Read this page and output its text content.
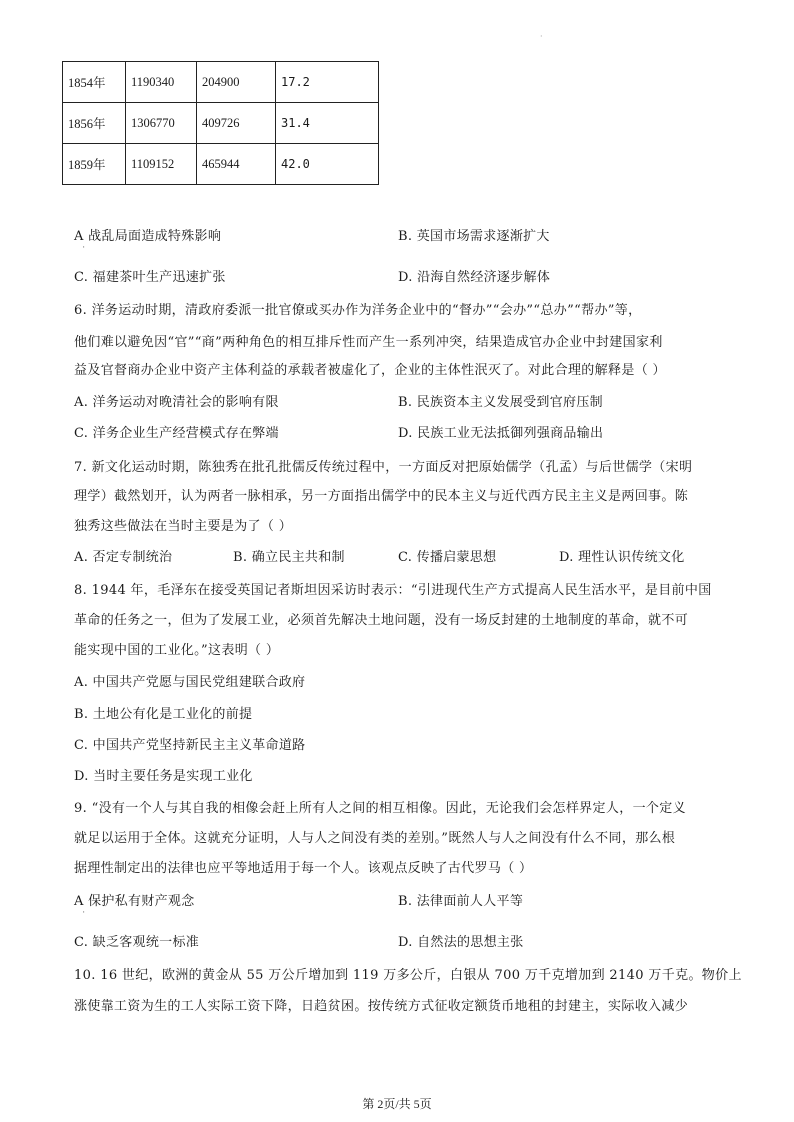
·
1854年	1190340	204900	17.2
1856年	1306770	409726	31.4
1859年	1109152	465944	42.0
A 战乱局面造成特殊影响	B. 英国市场需求逐渐扩大
'
C. 福建茶叶生产迅速扩张	D. 沿海自然经济逐步解体
6. 洋务运动时期，清政府委派一批官僚或买办作为洋务企业中的“督办”“会办”“总办”“帮办”等，
他们难以避免因“官”“商”两种角色的相互排斥性而产生一系列冲突，结果造成官办企业中封建国家利
益及官督商办企业中资产主体利益的承载者被虚化了，企业的主体性泯灭了。对此合理的解释是（ ）
A. 洋务运动对晚清社会的影响有限	B. 民族资本主义发展受到官府压制
C. 洋务企业生产经营模式存在弊端	D. 民族工业无法抵御列强商品输出
7. 新文化运动时期，陈独秀在批孔批儒反传统过程中，一方面反对把原始儒学（孔孟）与后世儒学（宋明
理学）截然划开，认为两者一脉相承，另一方面指出儒学中的民本主义与近代西方民主主义是两回事。陈
独秀这些做法在当时主要是为了（ ）
A. 否定专制统治	B. 确立民主共和制	C. 传播启蒙思想	D. 理性认识传统文化
8. 1944 年，毛泽东在接受英国记者斯坦因采访时表示：“引进现代生产方式提高人民生活水平，是目前中国
革命的任务之一，但为了发展工业，必须首先解决土地问题，没有一场反封建的土地制度的革命，就不可
能实现中国的工业化。”这表明（ ）
A. 中国共产党愿与国民党组建联合政府
B. 土地公有化是工业化的前提
C. 中国共产党坚持新民主主义革命道路
D. 当时主要任务是实现工业化
9. “没有一个人与其自我的相像会赶上所有人之间的相互相像。因此，无论我们会怎样界定人，一个定义
就足以运用于全体。这就充分证明，人与人之间没有类的差别。”既然人与人之间没有什么不同，那么根
据理性制定出的法律也应平等地适用于每一个人。该观点反映了古代罗马（ ）
A 保护私有财产观念	B. 法律面前人人平等
'
C. 缺乏客观统一标准	D. 自然法的思想主张
10. 16 世纪，欧洲的黄金从 55 万公斤增加到 119 万多公斤，白银从 700 万千克增加到 2140 万千克。物价上
涨使靠工资为生的工人实际工资下降，日趋贫困。按传统方式征收定额货币地租的封建主，实际收入减少
第 2页/共 5页
